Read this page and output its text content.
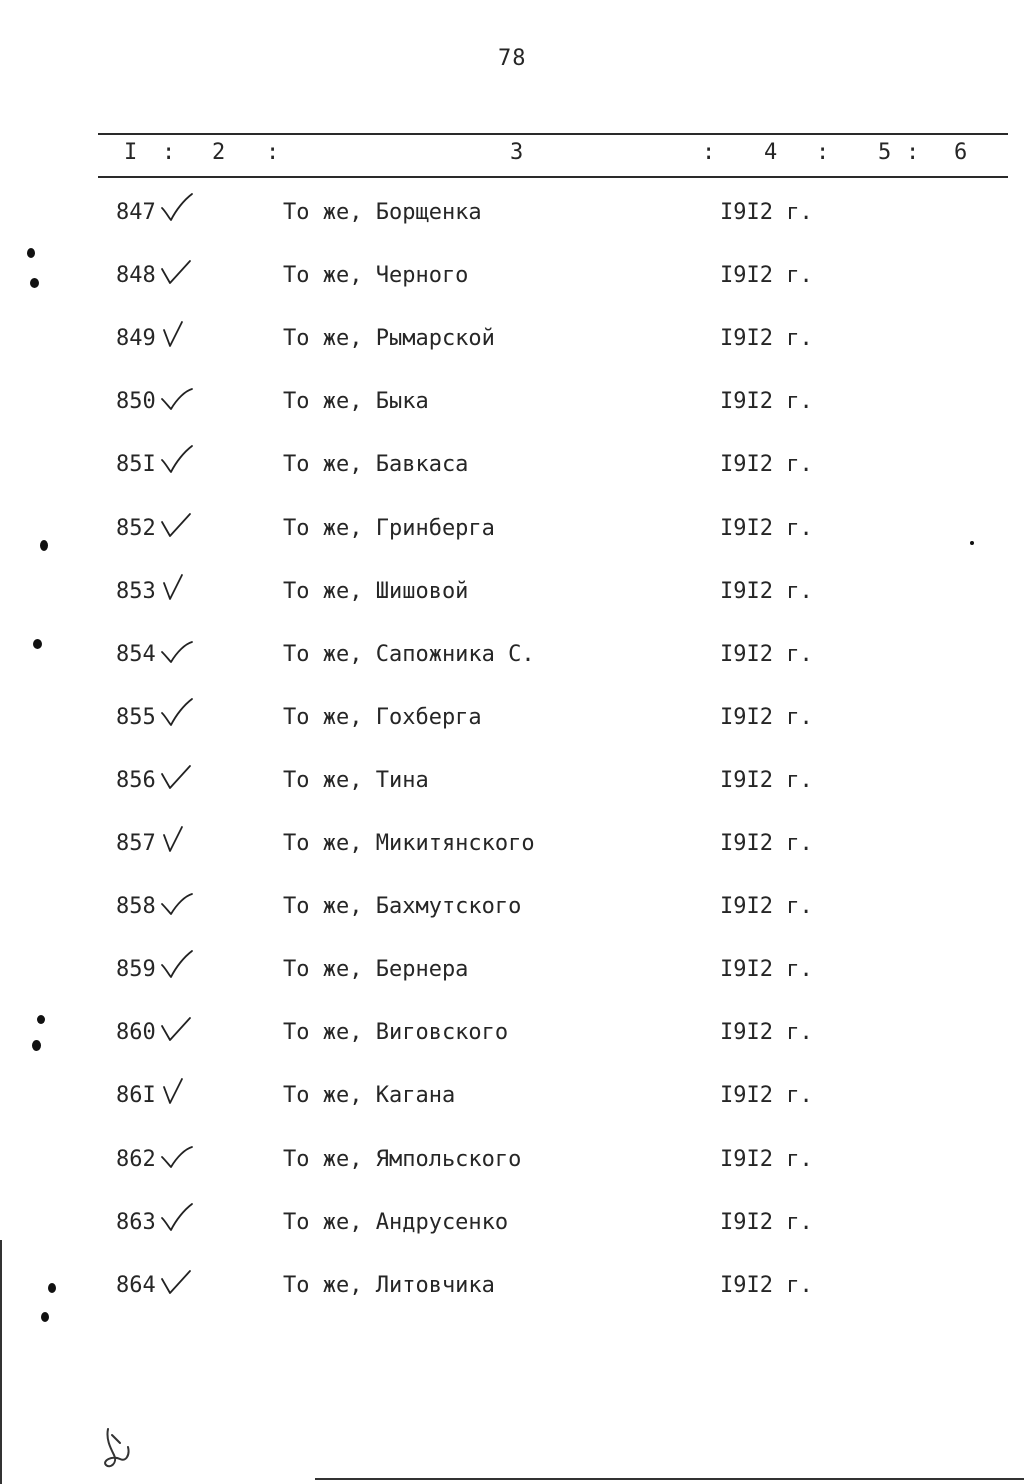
78
I : 2 :	3	: 4 : 5 : 6
847	То же, Борщенка	I9I2 г.
848	То же, Черного	I9I2 г.
849	То же, Рымарской	I9I2 г.
850	То же, Быка	I9I2 г.
85I	То же, Бавкаса	I9I2 г.
852	То же, Гринберга	I9I2 г.
853	То же, Шишовой	I9I2 г.
854	То же, Сапожника С.	I9I2 г.
855	То же, Гохберга	I9I2 г.
856	То же, Тина	I9I2 г.
857	То же, Микитянского	I9I2 г.
858	То же, Бахмутского	I9I2 г.
859	То же, Бернера	I9I2 г.
860	То же, Виговского	I9I2 г.
86I	То же, Кагана	I9I2 г.
862	То же, Ямпольского	I9I2 г.
863	То же, Андрусенко	I9I2 г.
864	То же, Литовчика	I9I2 г.
